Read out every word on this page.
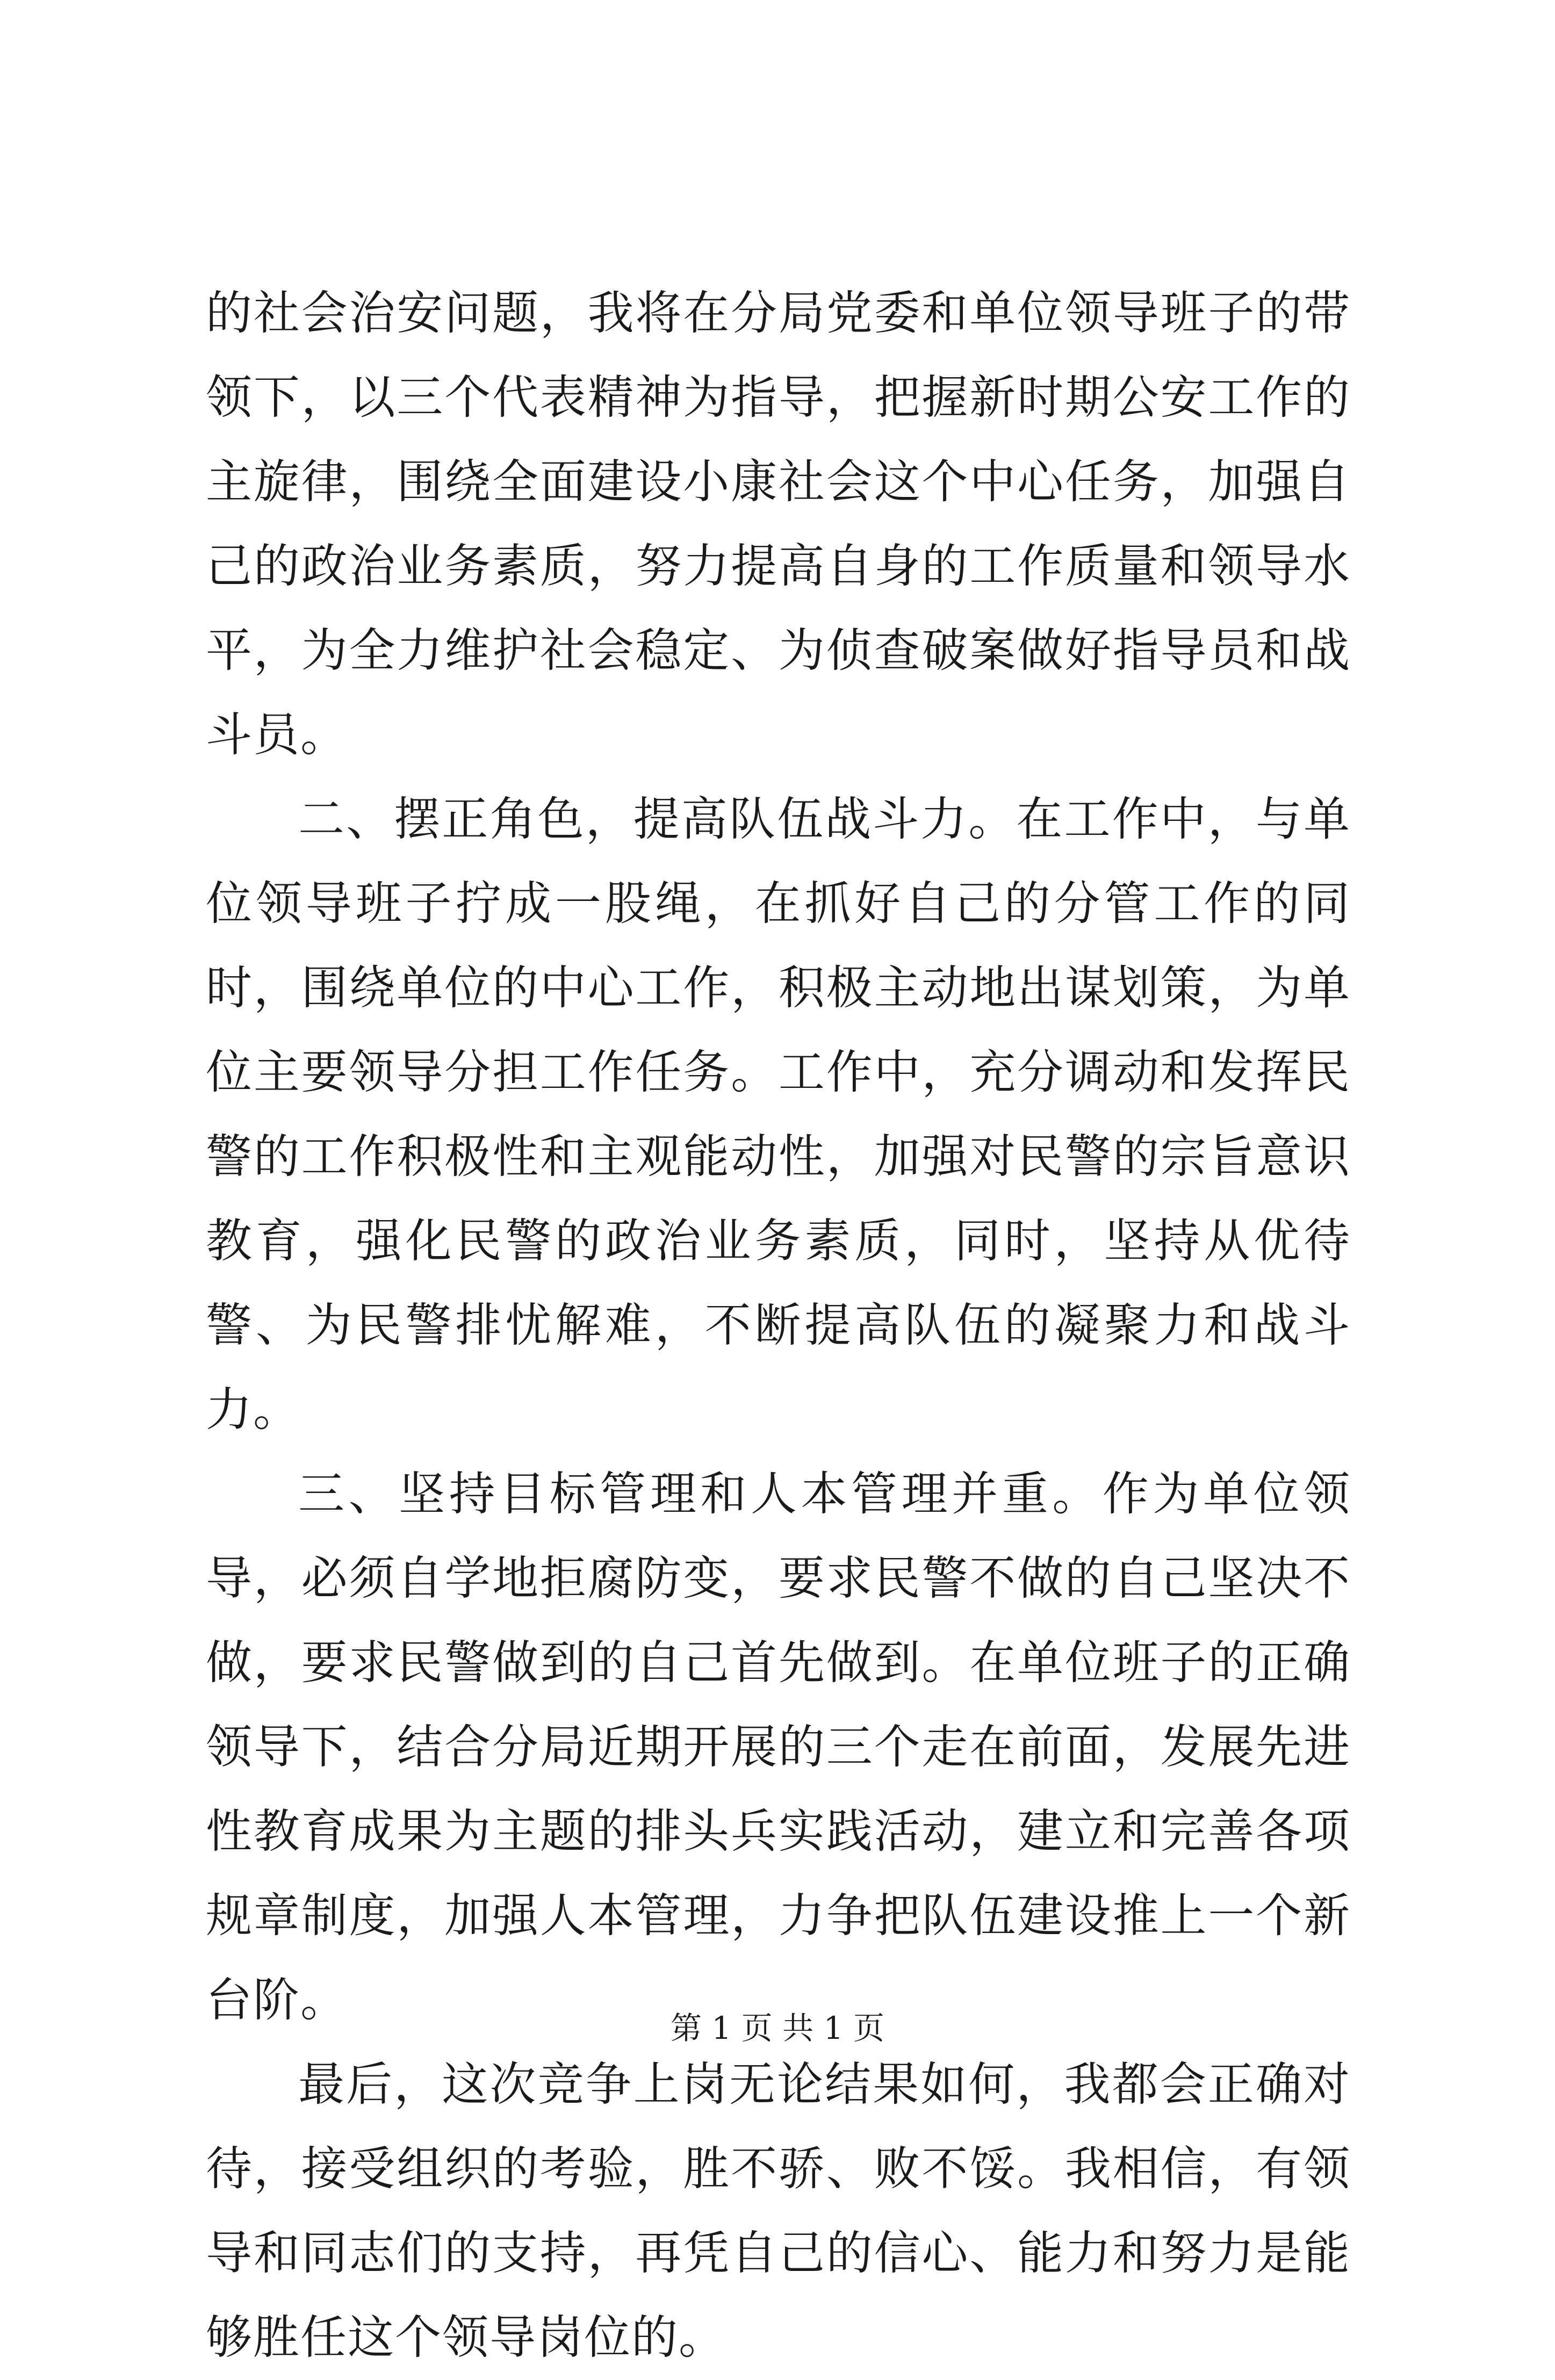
的社会治安问题，我将在分局党委和单位领导班子的带领下，以三个代表精神为指导，把握新时期公安工作的主旋律，围绕全面建设小康社会这个中心任务，加强自己的政治业务素质，努力提高自身的工作质量和领导水平，为全力维护社会稳定、为侦查破案做好指导员和战斗员。

二、摆正角色，提高队伍战斗力。在工作中，与单位领导班子拧成一股绳，在抓好自己的分管工作的同时，围绕单位的中心工作，积极主动地出谋划策，为单位主要领导分担工作任务。工作中，充分调动和发挥民警的工作积极性和主观能动性，加强对民警的宗旨意识教育，强化民警的政治业务素质，同时，坚持从优待警、为民警排忧解难，不断提高队伍的凝聚力和战斗力。

三、坚持目标管理和人本管理并重。作为单位领导，必须自学地拒腐防变，要求民警不做的自己坚决不做，要求民警做到的自己首先做到。在单位班子的正确领导下，结合分局近期开展的三个走在前面，发展先进性教育成果为主题的排头兵实践活动，建立和完善各项规章制度，加强人本管理，力争把队伍建设推上一个新台阶。

最后，这次竞争上岗无论结果如何，我都会正确对待，接受组织的考验，胜不骄、败不馁。我相信，有领导和同志们的支持，再凭自己的信心、能力和努力是能够胜任这个领导岗位的。

第 1 页 共 1 页
